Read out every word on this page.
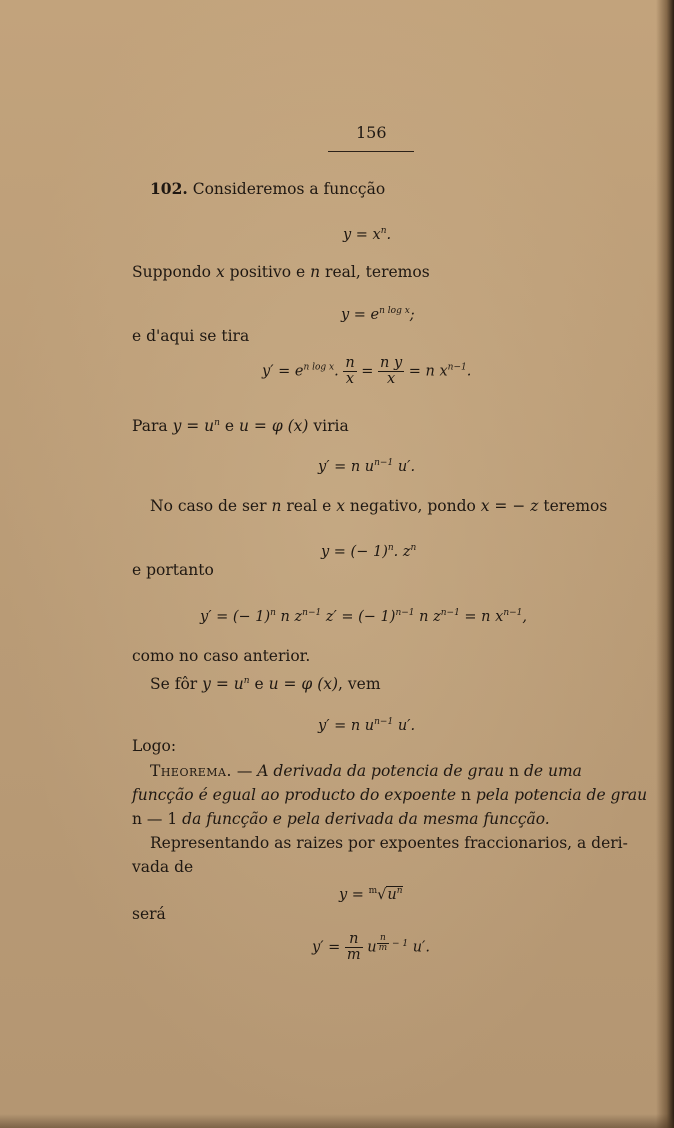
156
102. Consideremos a funcção
$y = x^n$.
Suppondo x positivo e n real, teremos
$y = e^{n log x}$;
e d'aqui se tira
$y' = e^{n log x}$. $\frac{n}{x} = \frac{\text{n y}}{x} = n$ $x^{n-1}$.
Para $y = u^n$ e u = φ (x) viria
y′ = n $u^{n-1}$ u′.
No caso de ser n real e x negativo, pondo x = − z teremos
y = (− 1)$^n$. $z^n$
e portanto
y′ = (− 1)$^n$ n $z^{n-1}$ z′ = (− 1)$^{n-1}$ n $z^{n-1} = n$ $x^{n-1}$,
como no caso anterior.
Se fôr $y = u^n$ e u = φ (x), vem
y′ = n $u^{n-1}$ u′.
Logo:
Theorema. — A derivada da potencia de grau n de uma
funcção é egual ao producto do expoente n pela potencia de grau
n — 1 da funcção e pela derivada da mesma funcção.
Representando as raizes por expoentes fraccionarios, a deri-
vada de
$y = ^m√u^n$
será
$y' = \frac{n}{m}$ u $^{\frac{n}{m} - 1}$ u′.
